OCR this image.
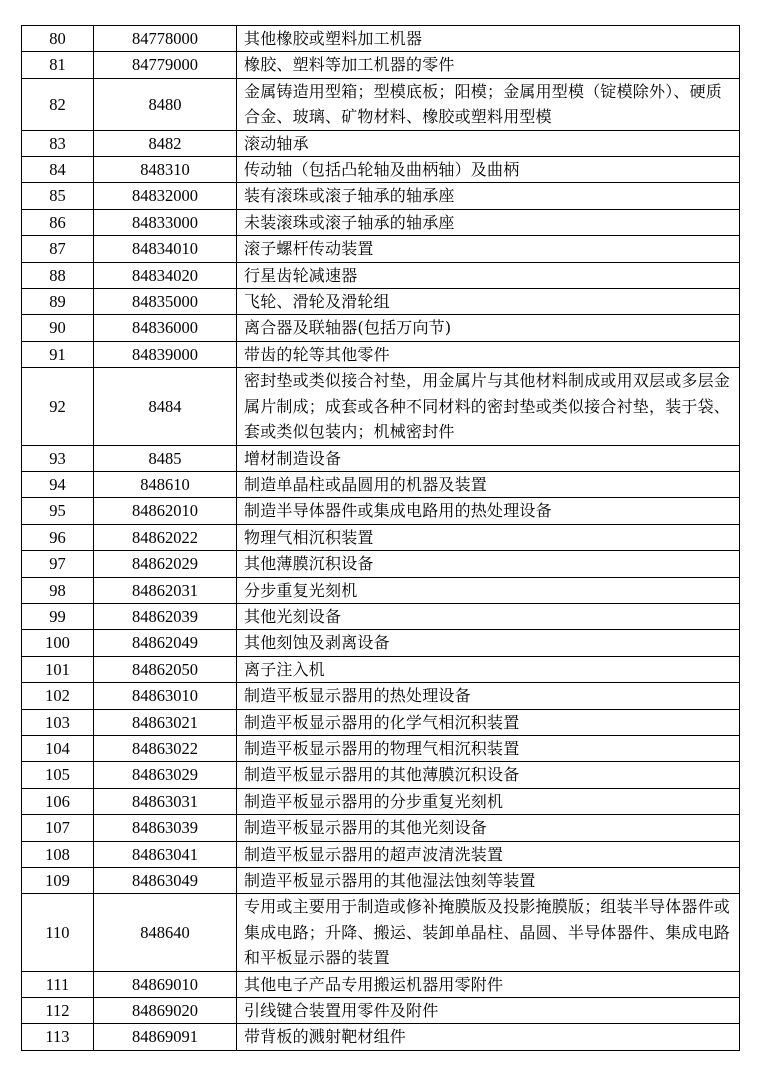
80	84778000	其他橡胶或塑料加工机器
81	84779000	橡胶、塑料等加工机器的零件
82	8480	金属铸造用型箱；型模底板；阳模；金属用型模（锭模除外）、硬质合金、玻璃、矿物材料、橡胶或塑料用型模
83	8482	滚动轴承
84	848310	传动轴（包括凸轮轴及曲柄轴）及曲柄
85	84832000	装有滚珠或滚子轴承的轴承座
86	84833000	未装滚珠或滚子轴承的轴承座
87	84834010	滚子螺杆传动装置
88	84834020	行星齿轮减速器
89	84835000	飞轮、滑轮及滑轮组
90	84836000	离合器及联轴器(包括万向节)
91	84839000	带齿的轮等其他零件
92	8484	密封垫或类似接合衬垫，用金属片与其他材料制成或用双层或多层金属片制成；成套或各种不同材料的密封垫或类似接合衬垫，装于袋、套或类似包装内；机械密封件
93	8485	增材制造设备
94	848610	制造单晶柱或晶圆用的机器及装置
95	84862010	制造半导体器件或集成电路用的热处理设备
96	84862022	物理气相沉积装置
97	84862029	其他薄膜沉积设备
98	84862031	分步重复光刻机
99	84862039	其他光刻设备
100	84862049	其他刻蚀及剥离设备
101	84862050	离子注入机
102	84863010	制造平板显示器用的热处理设备
103	84863021	制造平板显示器用的化学气相沉积装置
104	84863022	制造平板显示器用的物理气相沉积装置
105	84863029	制造平板显示器用的其他薄膜沉积设备
106	84863031	制造平板显示器用的分步重复光刻机
107	84863039	制造平板显示器用的其他光刻设备
108	84863041	制造平板显示器用的超声波清洗装置
109	84863049	制造平板显示器用的其他湿法蚀刻等装置
110	848640	专用或主要用于制造或修补掩膜版及投影掩膜版；组装半导体器件或集成电路；升降、搬运、装卸单晶柱、晶圆、半导体器件、集成电路和平板显示器的装置
111	84869010	其他电子产品专用搬运机器用零附件
112	84869020	引线键合装置用零件及附件
113	84869091	带背板的溅射靶材组件
